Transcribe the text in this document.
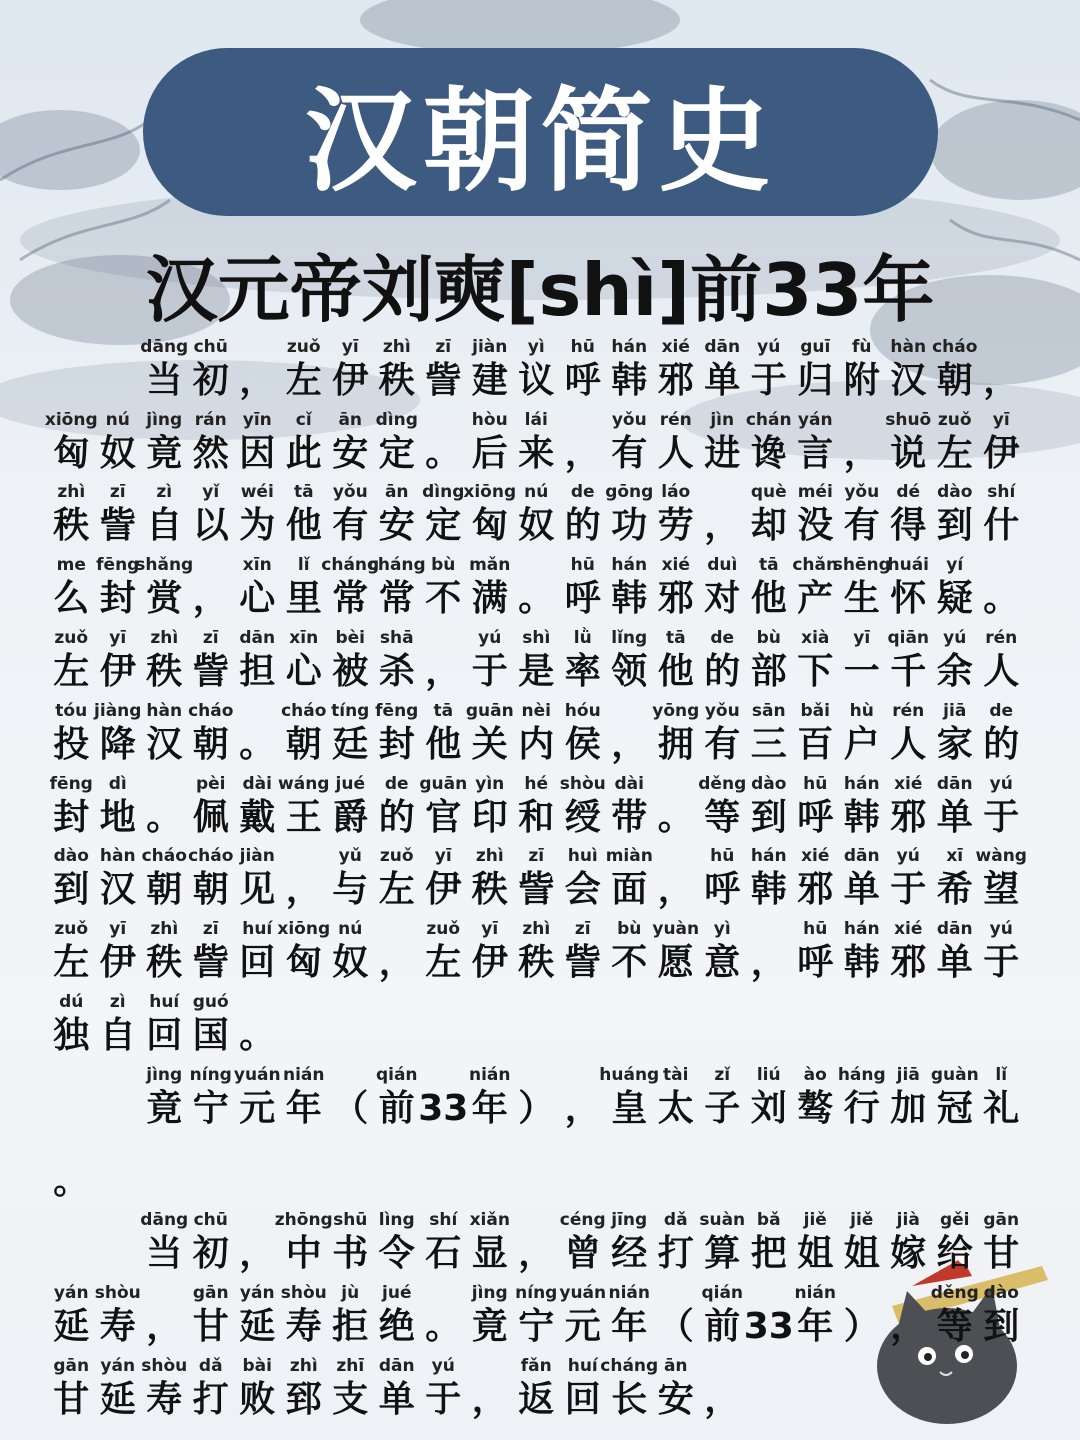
汉朝简史
汉元帝刘奭[shì]前33年

dāng
当
chū
初 ，
zuǒ
左
yī
伊
zhì
秩
zī
訾
jiàn
建
yì
议
hū
呼
hán
韩
xié
邪
dān
单
yú
于
guī
归
fù
附
hàn
汉
cháo
朝 ，
xiōng
匈
nú
奴
jìng
竟
rán
然
yīn
因
cǐ
此
ān
安
dìng
定 。
hòu
后
lái
来 ，
yǒu
有
rén
人
jìn
进
chán
谗
yán
言 ，
shuō
说
zuǒ
左
yī
伊
zhì
秩
zī
訾
zì
自
yǐ
以
wéi
为
tā
他
yǒu
有
ān
安
dìng
定
xiōng
匈
nú
奴
de
的
gōng
功
láo
劳 ，
què
却
méi
没
yǒu
有
dé
得
dào
到
shí
什
me
么
fēng
封
shǎng
赏 ，
xīn
心
lǐ
里
cháng
常
cháng
常
bù
不
mǎn
满 。
hū
呼
hán
韩
xié
邪
duì
对
tā
他
chǎn
产
shēng
生
huái
怀
yí
疑 。
zuǒ
左
yī
伊
zhì
秩
zī
訾
dān
担
xīn
心
bèi
被
shā
杀 ，
yú
于
shì
是
lǜ
率
lǐng
领
tā
他
de
的
bù
部
xià
下
yī
一
qiān
千
yú
余
rén
人
tóu
投
jiàng
降
hàn
汉
cháo
朝 。
cháo
朝
tíng
廷
fēng
封
tā
他
guān
关
nèi
内
hóu
侯 ，
yōng
拥
yǒu
有
sān
三
bǎi
百
hù
户
rén
人
jiā
家
de
的
fēng
封
dì
地 。
pèi
佩
dài
戴
wáng
王
jué
爵
de
的
guān
官
yìn
印
hé
和
shòu
绶
dài
带 。
děng
等
dào
到
hū
呼
hán
韩
xié
邪
dān
单
yú
于
dào
到
hàn
汉
cháo
朝
cháo
朝
jiàn
见 ，
yǔ
与
zuǒ
左
yī
伊
zhì
秩
zī
訾
huì
会
miàn
面 ，
hū
呼
hán
韩
xié
邪
dān
单
yú
于
xī
希
wàng
望
zuǒ
左
yī
伊
zhì
秩
zī
訾
huí
回
xiōng
匈
nú
奴 ，
zuǒ
左
yī
伊
zhì
秩
zī
訾
bù
不
yuàn
愿
yì
意 ，
hū
呼
hán
韩
xié
邪
dān
单
yú
于
dú
独
zì
自
huí
回
guó
国 。

jìng
竟
níng
宁
yuán
元
nián
年 （
qián
前 33
nián
年 ） ，
huáng
皇
tài
太
zǐ
子
liú
刘
ào
骜
háng
行
jiā
加
guàn
冠
lǐ
礼
。

dāng
当
chū
初 ，
zhōng
中
shū
书
lìng
令
shí
石
xiǎn
显 ，
céng
曾
jīng
经
dǎ
打
suàn
算
bǎ
把
jiě
姐
jiě
姐
jià
嫁
gěi
给
gān
甘
yán
延
shòu
寿 ，
gān
甘
yán
延
shòu
寿
jù
拒
jué
绝 。
jìng
竟
níng
宁
yuán
元
nián
年 （
qián
前 33
nián
年 ） ，
děng
等
dào
到
gān
甘
yán
延
shòu
寿
dǎ
打
bài
败
zhì
郅
zhī
支
dān
单
yú
于 ，
fǎn
返
huí
回
cháng
长
ān
安 ，
